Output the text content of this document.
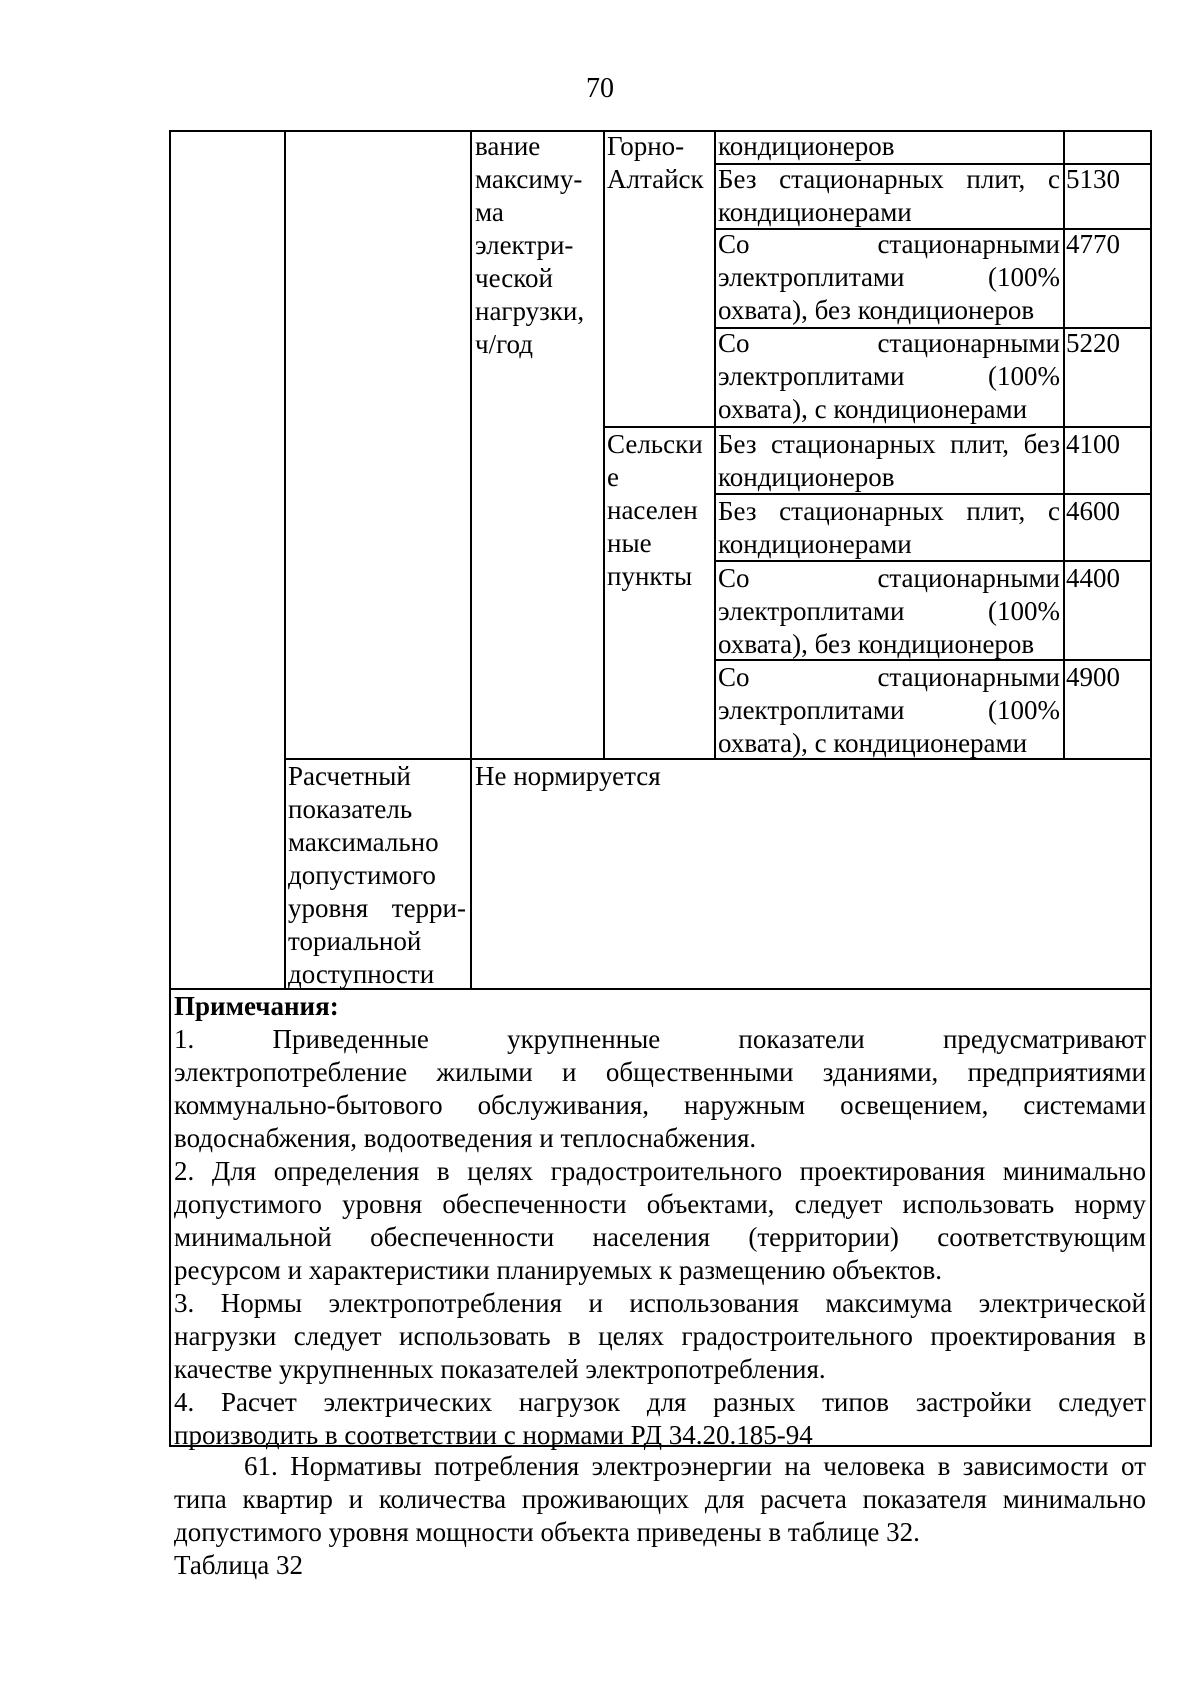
70
вание
максиму-
ма
электри-
ческой
нагрузки,
ч/год
Горно-
Алтайск
Сельски
е
населен
ные
пункты
кондиционеров
Без стационарных плит, с
кондиционерами
Со стационарными
электроплитами (100%
охвата), без кондиционеров
Со стационарными
электроплитами (100%
охвата), с кондиционерами
Без стационарных плит, без
кондиционеров
Без стационарных плит, с
кондиционерами
Со стационарными
электроплитами (100%
охвата), без кондиционеров
Со стационарными
электроплитами (100%
охвата), с кондиционерами
5130
4770
5220
4100
4600
4400
4900
Расчетный
показатель
максимально
допустимого
уровня терри-
ториальной
доступности
Не нормируется
Примечания:
1. Приведенные укрупненные показатели предусматривают
электропотребление жилыми и общественными зданиями, предприятиями
коммунально-бытового обслуживания, наружным освещением, системами
водоснабжения, водоотведения и теплоснабжения.
2. Для определения в целях градостроительного проектирования минимально
допустимого уровня обеспеченности объектами, следует использовать норму
минимальной обеспеченности населения (территории) соответствующим
ресурсом и характеристики планируемых к размещению объектов.
3. Нормы электропотребления и использования максимума электрической
нагрузки следует использовать в целях градостроительного проектирования в
качестве укрупненных показателей электропотребления.
4. Расчет электрических нагрузок для разных типов застройки следует
производить в соответствии с нормами РД 34.20.185-94
61. Нормативы потребления электроэнергии на человека в зависимости от
типа квартир и количества проживающих для расчета показателя минимально
допустимого уровня мощности объекта приведены в таблице 32.
Таблица 32
